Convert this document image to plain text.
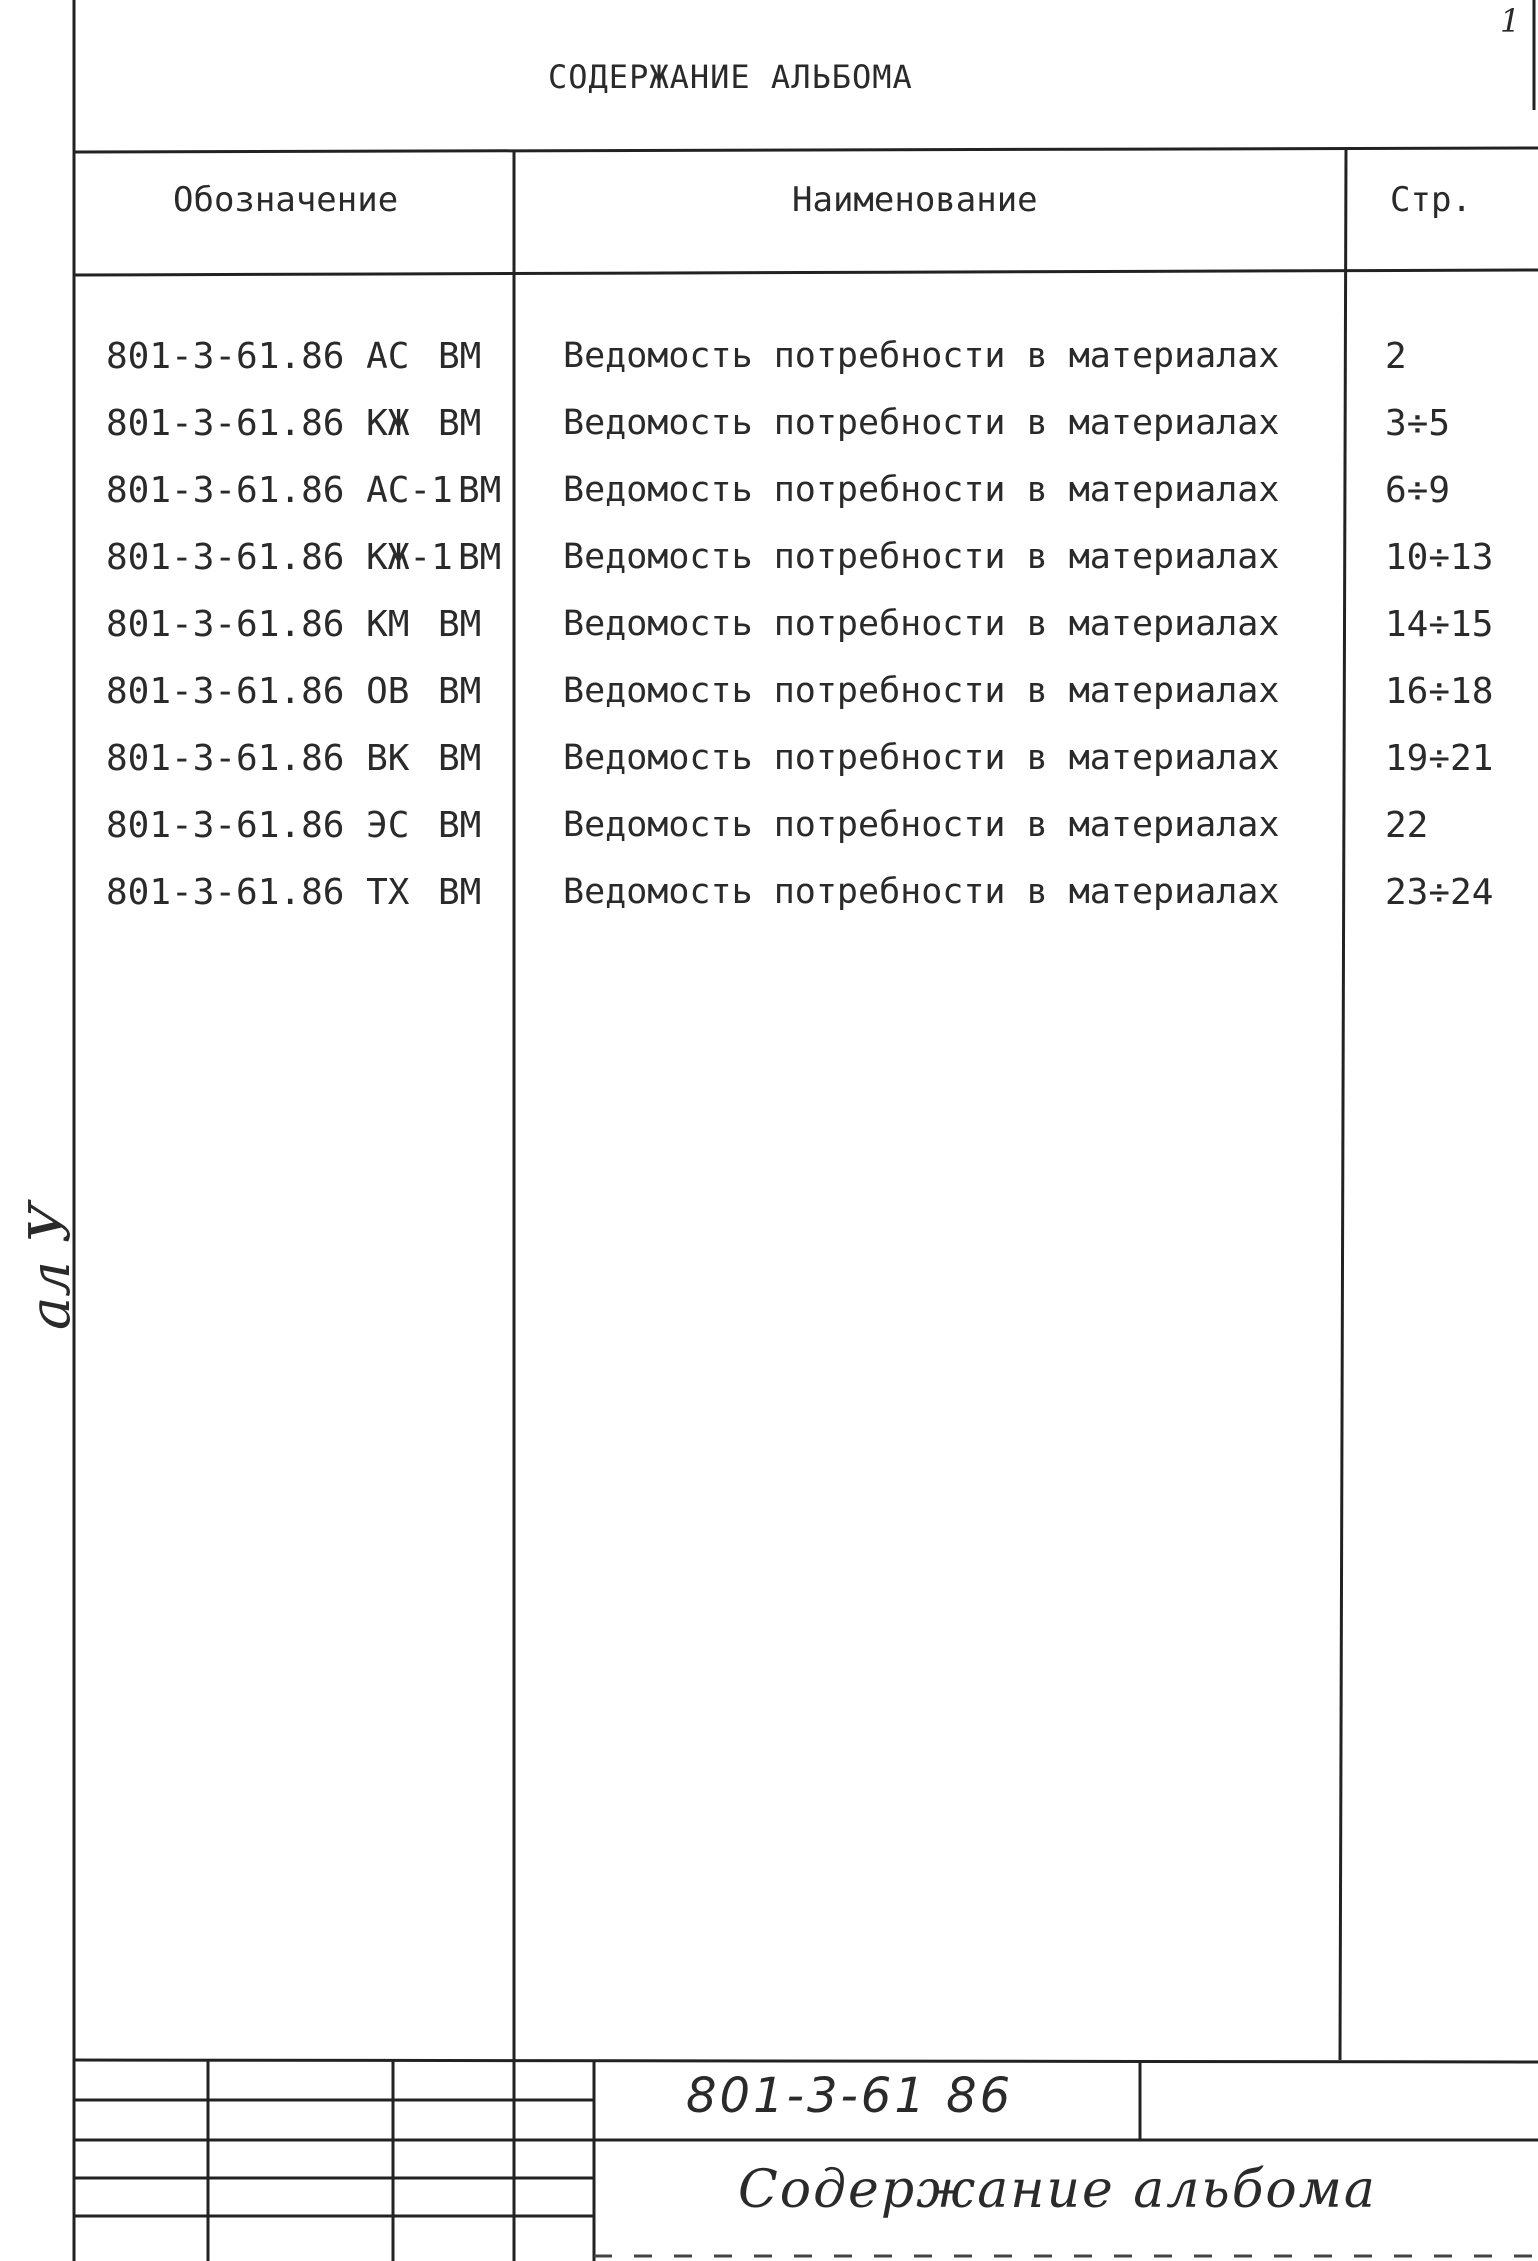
1
СОДЕРЖАНИЕ АЛЬБОМА
Обозначение	Наименование	Стр.
801-3-61.86 АС ВМ Ведомость потребности в материалах	2
801-3-61.86 КЖ ВМ Ведомость потребности в материалах	3÷5
801-3-61.86 АС-1 ВМ Ведомость потребности в материалах	6÷9
801-3-61.86 КЖ-1 ВМ Ведомость потребности в материалах	10÷13
801-3-61.86 КМ ВМ Ведомость потребности в материалах	14÷15
801-3-61.86 ОВ ВМ Ведомость потребности в материалах	16÷18
801-3-61.86 ВК ВМ Ведомость потребности в материалах	19÷21
801-3-61.86 ЭС ВМ Ведомость потребности в материалах	22
801-3-61.86 ТХ ВМ Ведомость потребности в материалах	23÷24
ал У
801-3-61 86
Содержание альбома
